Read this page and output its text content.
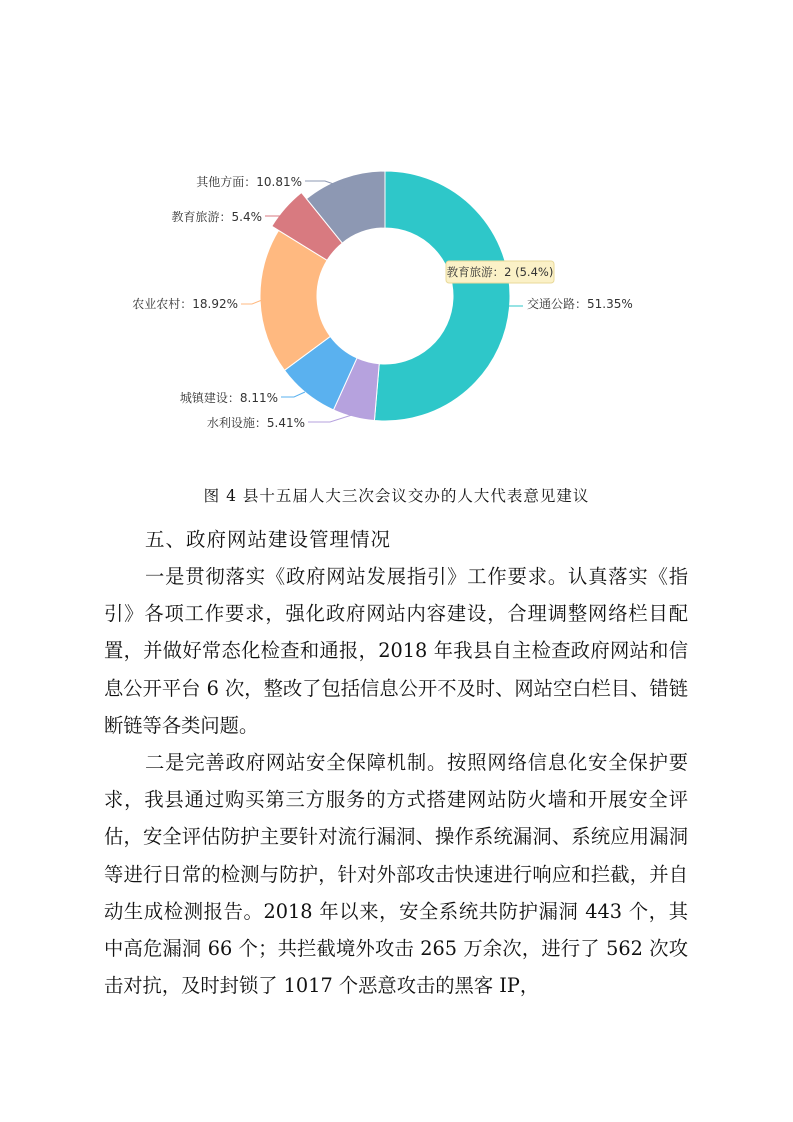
交通公路：51.35%
水利设施：5.41%
城镇建设：8.11%
农业农村：18.92%
教育旅游：5.4%
其他方面：10.81%
教育旅游：2 (5.4%)
图 4 县十五届人大三次会议交办的人大代表意见建议
五、政府网站建设管理情况

一是贯彻落实《政府网站发展指引》工作要求。认真落实《指引》各项工作要求，强化政府网站内容建设，合理调整网络栏目配置，并做好常态化检查和通报，2018 年我县自主检查政府网站和信息公开平台 6 次，整改了包括信息公开不及时、网站空白栏目、错链断链等各类问题。

二是完善政府网站安全保障机制。按照网络信息化安全保护要求，我县通过购买第三方服务的方式搭建网站防火墙和开展安全评估，安全评估防护主要针对流行漏洞、操作系统漏洞、系统应用漏洞等进行日常的检测与防护，针对外部攻击快速进行响应和拦截，并自动生成检测报告。2018 年以来，安全系统共防护漏洞 443 个，其中高危漏洞 66 个；共拦截境外攻击 265 万余次，进行了 562 次攻击对抗，及时封锁了 1017 个恶意攻击的黑客 IP，
